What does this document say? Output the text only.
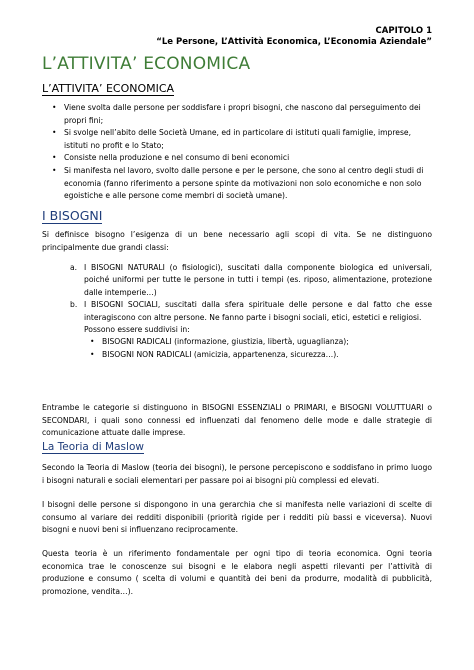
CAPITOLO 1
“Le Persone, L’Attività Economica, L’Economia Aziendale”
L’ATTIVITA’ ECONOMICA
L’ATTIVITA’ ECONOMICA
• Viene svolta dalle persone per soddisfare i propri bisogni, che nascono dal perseguimento dei propri fini;
• Si svolge nell’abito delle Società Umane, ed in particolare di istituti quali famiglie, imprese, istituti no profit e lo Stato;
• Consiste nella produzione e nel consumo di beni economici
• Si manifesta nel lavoro, svolto dalle persone e per le persone, che sono al centro degli studi di economia (fanno riferimento a persone spinte da motivazioni non solo economiche e non solo egoistiche e alle persone come membri di società umane).
I BISOGNI

Si definisce bisogno l’esigenza di un bene necessario agli scopi di vita. Se ne distinguono principalmente due grandi classi:

a. I BISOGNI NATURALI (o fisiologici), suscitati dalla componente biologica ed universali, poiché uniformi per tutte le persone in tutti i tempi (es. riposo, alimentazione, protezione dalle intemperie…)
b. I BISOGNI SOCIALI, suscitati dalla sfera spirituale delle persone e dal fatto che esse interagiscono con altre persone. Ne fanno parte i bisogni sociali, etici, estetici e religiosi.
Possono essere suddivisi in:
• BISOGNI RADICALI (informazione, giustizia, libertà, uguaglianza);
• BISOGNI NON RADICALI (amicizia, appartenenza, sicurezza…).

Entrambe le categorie si distinguono in BISOGNI ESSENZIALI o PRIMARI, e BISOGNI VOLUTTUARI o SECONDARI, i quali sono connessi ed influenzati dal fenomeno delle mode e dalle strategie di comunicazione attuate dalle imprese.

La Teoria di Maslow

Secondo la Teoria di Maslow (teoria dei bisogni), le persone percepiscono e soddisfano in primo luogo i bisogni naturali e sociali elementari per passare poi ai bisogni più complessi ed elevati.

I bisogni delle persone si dispongono in una gerarchia che si manifesta nelle variazioni di scelte di consumo al variare dei redditi disponibili (priorità rigide per i redditi più bassi e viceversa). Nuovi bisogni e nuovi beni si influenzano reciprocamente.

Questa teoria è un riferimento fondamentale per ogni tipo di teoria economica. Ogni teoria economica trae le conoscenze sui bisogni e le elabora negli aspetti rilevanti per l’attività di produzione e consumo ( scelta di volumi e quantità dei beni da produrre, modalità di pubblicità, promozione, vendita…).
